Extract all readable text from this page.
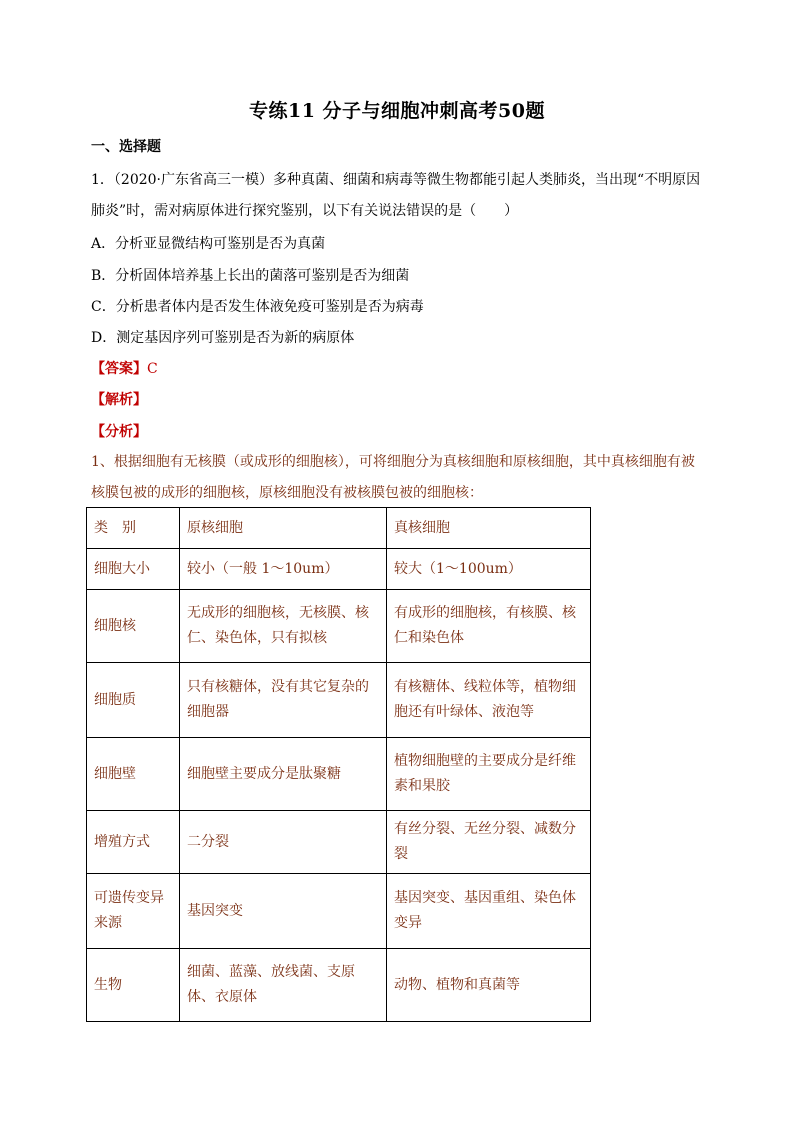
专练11 分子与细胞冲刺高考50题
一、选择题
1．（2020·广东省高三一模）多种真菌、细菌和病毒等微生物都能引起人类肺炎，当出现“不明原因
肺炎”时，需对病原体进行探究鉴别，以下有关说法错误的是（　　）
A．分析亚显微结构可鉴别是否为真菌
B．分析固体培养基上长出的菌落可鉴别是否为细菌
C．分析患者体内是否发生体液免疫可鉴别是否为病毒
D．测定基因序列可鉴别是否为新的病原体
【答案】C
【解析】
【分析】
1、根据细胞有无核膜（或成形的细胞核），可将细胞分为真核细胞和原核细胞，其中真核细胞有被
核膜包被的成形的细胞核，原核细胞没有被核膜包被的细胞核：
类　别	原核细胞	真核细胞
细胞大小	较小（一般 1～10um）	较大（1～100um）
细胞核	无成形的细胞核，无核膜、核仁、染色体，只有拟核	有成形的细胞核，有核膜、核仁和染色体
细胞质	只有核糖体，没有其它复杂的细胞器	有核糖体、线粒体等，植物细胞还有叶绿体、液泡等
细胞壁	细胞壁主要成分是肽聚糖	植物细胞壁的主要成分是纤维素和果胶
增殖方式	二分裂	有丝分裂、无丝分裂、减数分裂
可遗传变异来源	基因突变	基因突变、基因重组、染色体变异
生物	细菌、蓝藻、放线菌、支原体、衣原体	动物、植物和真菌等
